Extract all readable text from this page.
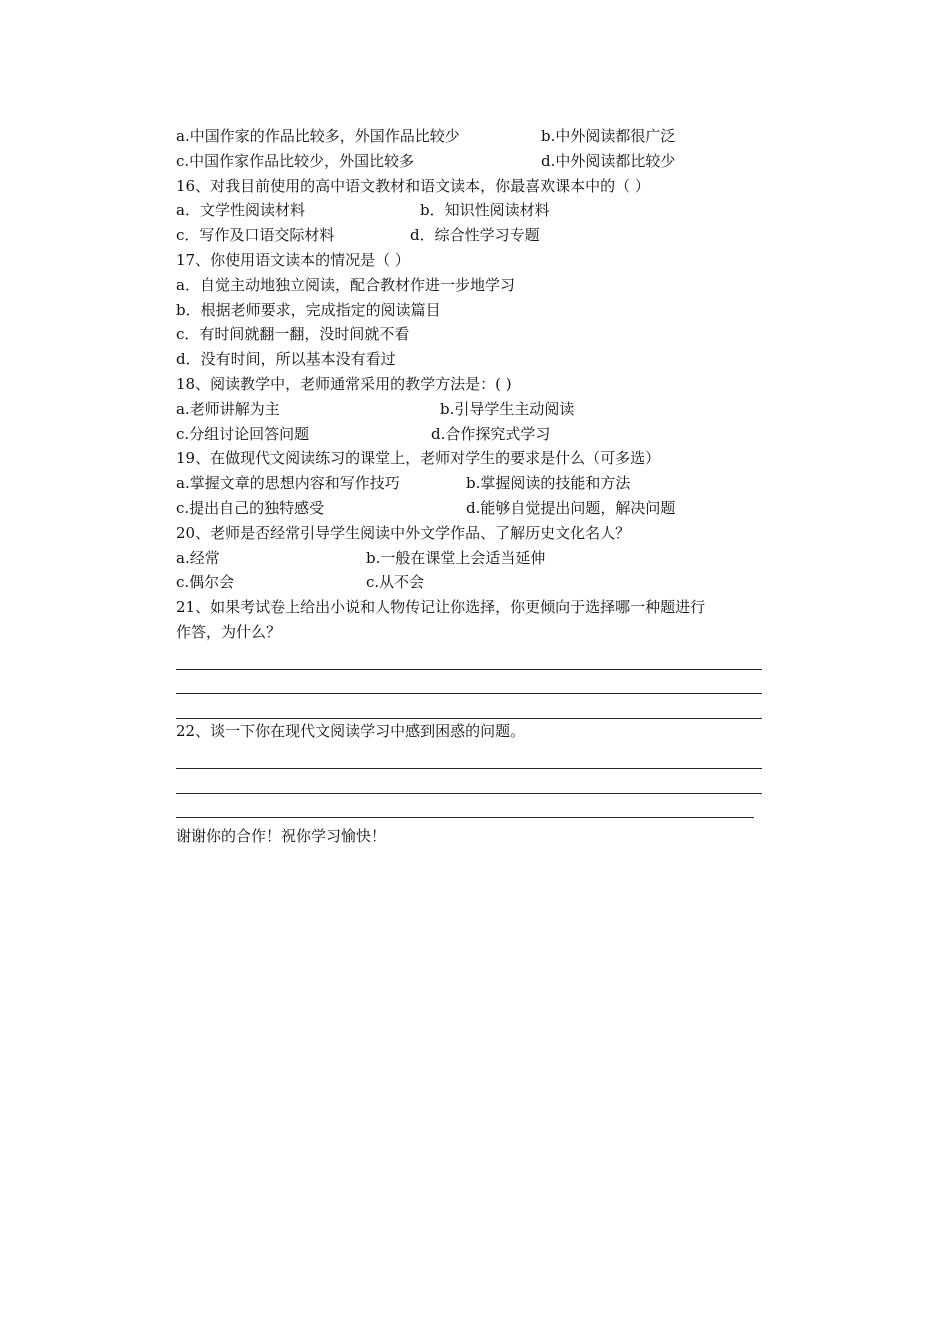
a.中国作家的作品比较多，外国作品比较少	b.中外阅读都很广泛
c.中国作家作品比较少，外国比较多	d.中外阅读都比较少
16、对我目前使用的高中语文教材和语文读本，你最喜欢课本中的（ ）
a．文学性阅读材料	b．知识性阅读材料
c．写作及口语交际材料	d．综合性学习专题
17、你使用语文读本的情况是（ ）
a．自觉主动地独立阅读，配合教材作进一步地学习
b．根据老师要求，完成指定的阅读篇目
c．有时间就翻一翻，没时间就不看
d．没有时间，所以基本没有看过
18、阅读教学中，老师通常采用的教学方法是：( )
a.老师讲解为主	b.引导学生主动阅读
c.分组讨论回答问题	d.合作探究式学习
19、在做现代文阅读练习的课堂上，老师对学生的要求是什么（可多选）
a.掌握文章的思想内容和写作技巧	b.掌握阅读的技能和方法
c.提出自己的独特感受	d.能够自觉提出问题，解决问题
20、老师是否经常引导学生阅读中外文学作品、了解历史文化名人？
a.经常	b.一般在课堂上会适当延伸
c.偶尔会	c.从不会
21、如果考试卷上给出小说和人物传记让你选择，你更倾向于选择哪一种题进行
作答，为什么？
22、谈一下你在现代文阅读学习中感到困惑的问题。
谢谢你的合作！祝你学习愉快！
